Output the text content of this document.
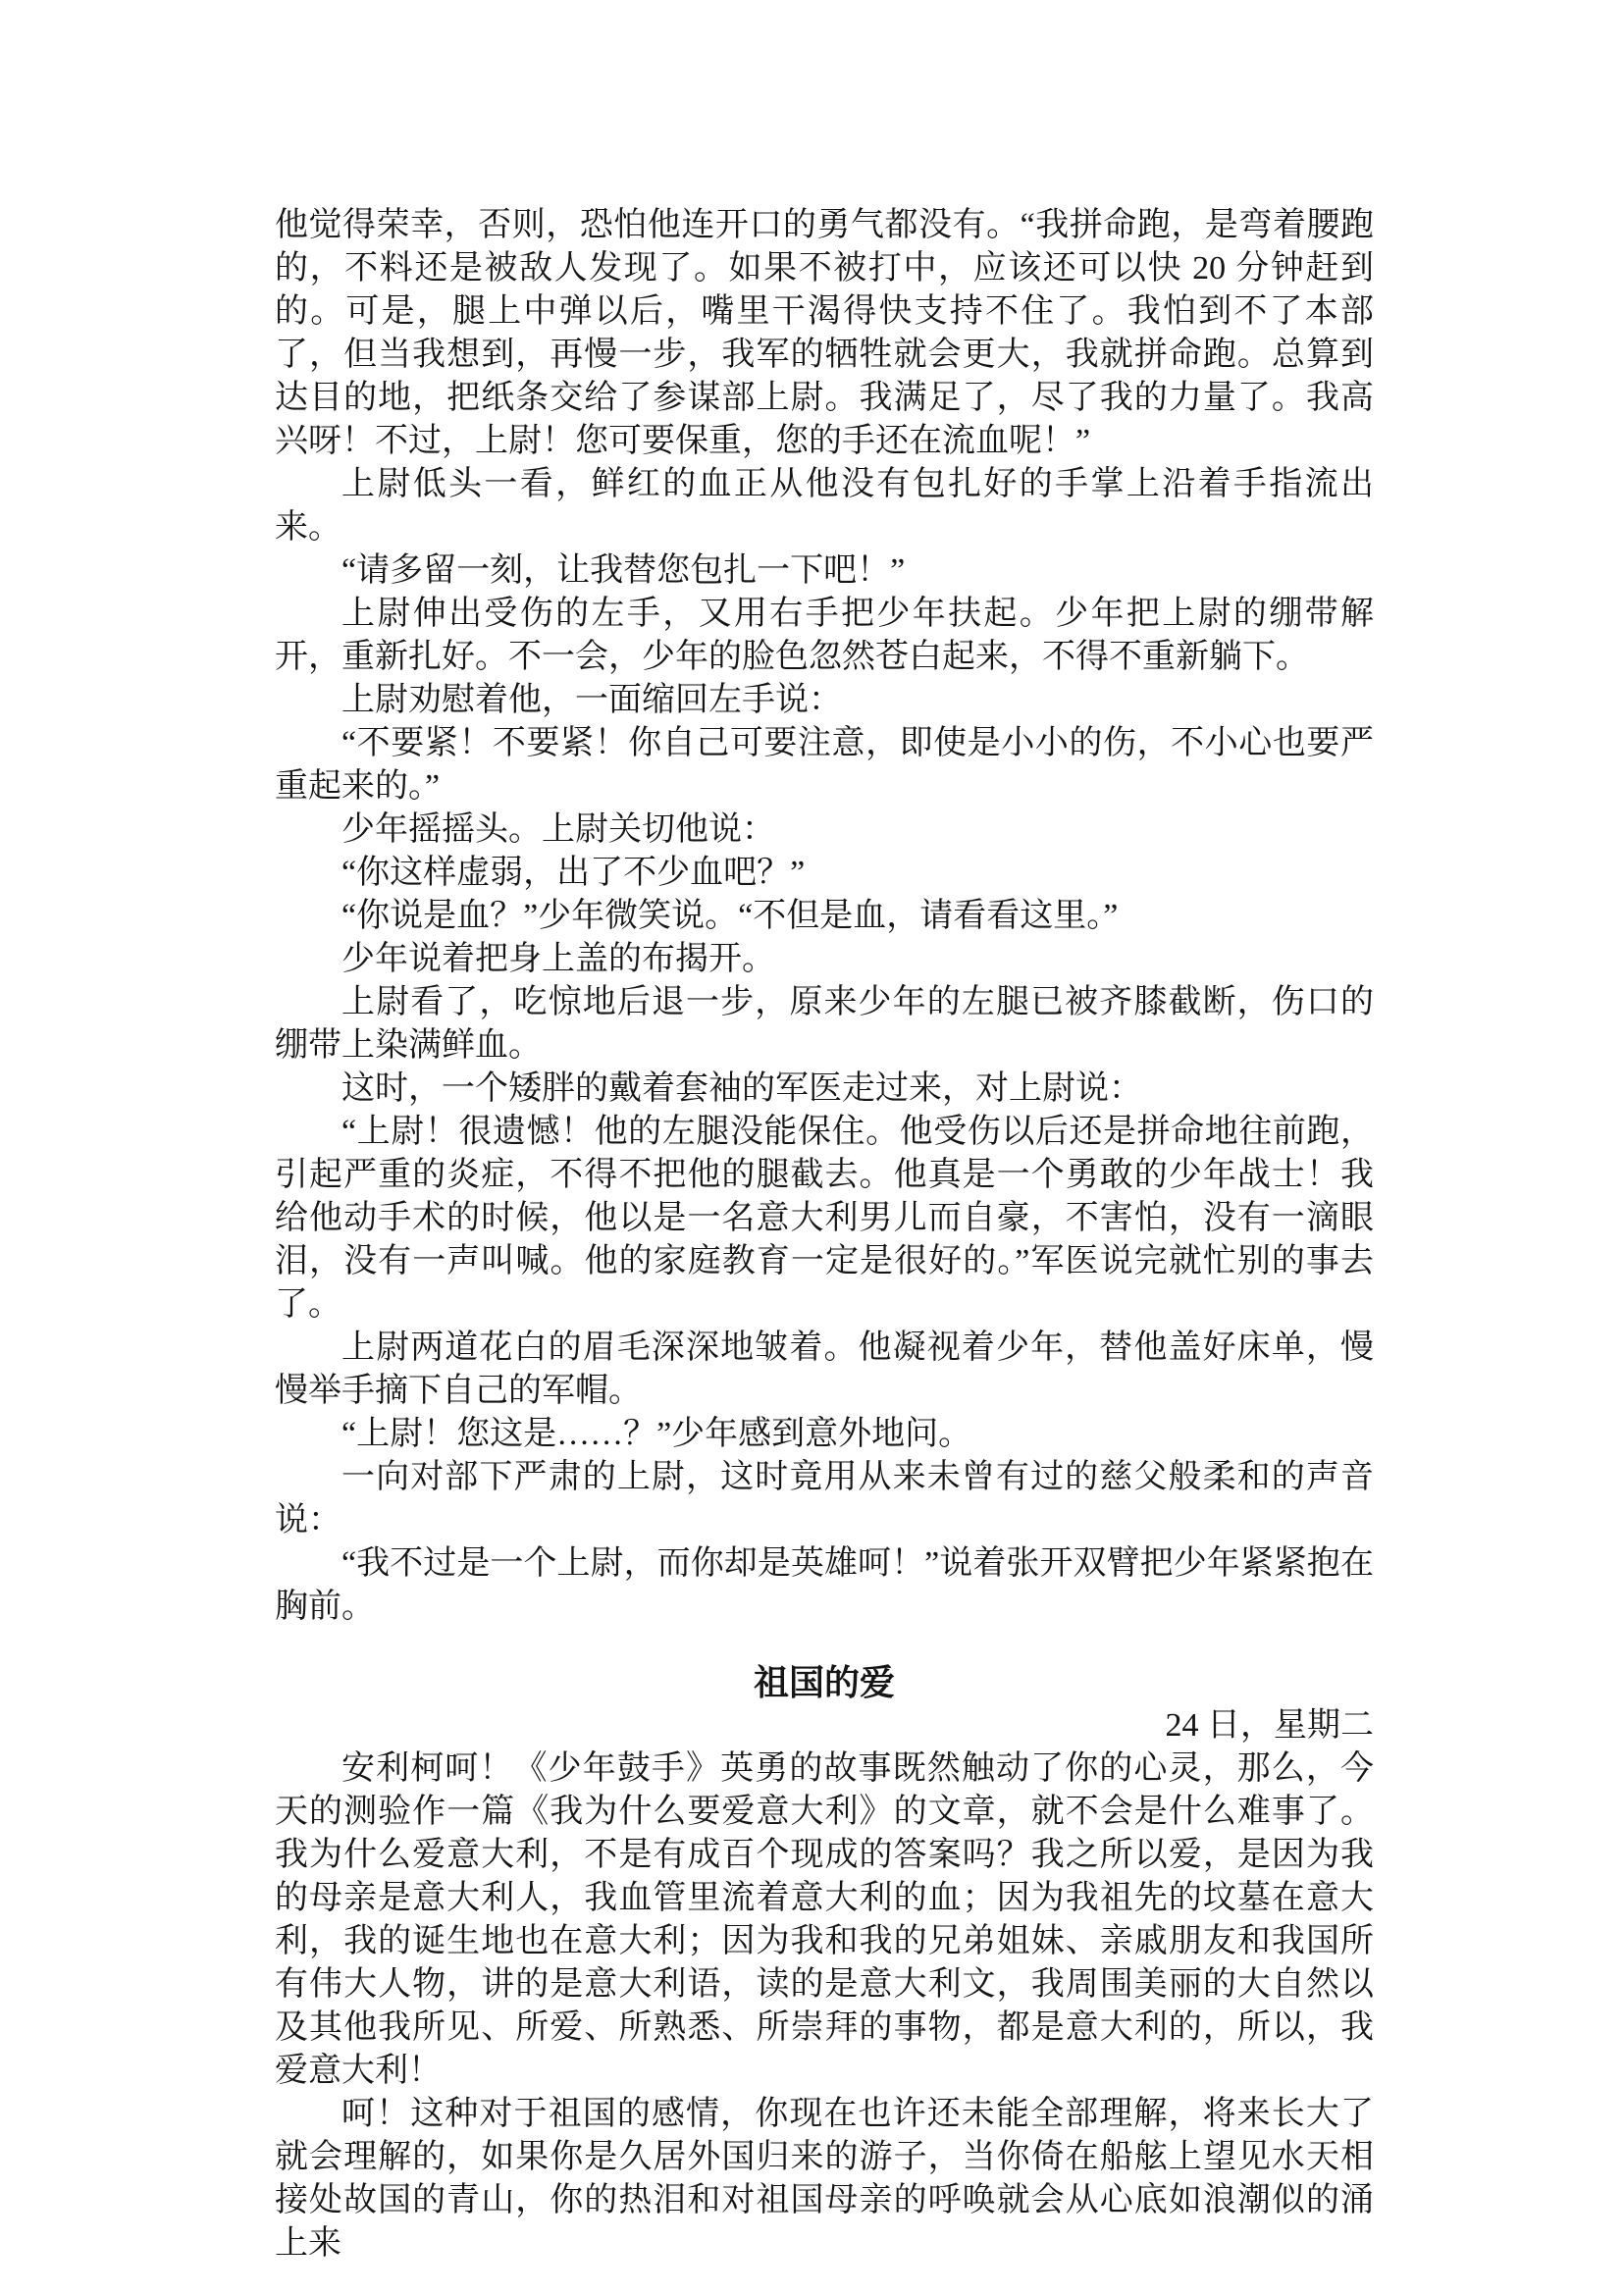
他觉得荣幸，否则，恐怕他连开口的勇气都没有。“我拼命跑，是弯着腰跑的，不料还是被敌人发现了。如果不被打中，应该还可以快 20 分钟赶到的。可是，腿上中弹以后，嘴里干渴得快支持不住了。我怕到不了本部了，但当我想到，再慢一步，我军的牺牲就会更大，我就拼命跑。总算到达目的地，把纸条交给了参谋部上尉。我满足了，尽了我的力量了。我高兴呀！不过，上尉！您可要保重，您的手还在流血呢！”

上尉低头一看，鲜红的血正从他没有包扎好的手掌上沿着手指流出来。

“请多留一刻，让我替您包扎一下吧！”

上尉伸出受伤的左手，又用右手把少年扶起。少年把上尉的绷带解开，重新扎好。不一会，少年的脸色忽然苍白起来，不得不重新躺下。

上尉劝慰着他，一面缩回左手说：

“不要紧！不要紧！你自己可要注意，即使是小小的伤，不小心也要严重起来的。”

少年摇摇头。上尉关切他说：

“你这样虚弱，出了不少血吧？”

“你说是血？”少年微笑说。“不但是血，请看看这里。”

少年说着把身上盖的布揭开。

上尉看了，吃惊地后退一步，原来少年的左腿已被齐膝截断，伤口的绷带上染满鲜血。

这时，一个矮胖的戴着套袖的军医走过来，对上尉说：

“上尉！很遗憾！他的左腿没能保住。他受伤以后还是拼命地往前跑，引起严重的炎症，不得不把他的腿截去。他真是一个勇敢的少年战士！我给他动手术的时候，他以是一名意大利男儿而自豪，不害怕，没有一滴眼泪，没有一声叫喊。他的家庭教育一定是很好的。”军医说完就忙别的事去了。

上尉两道花白的眉毛深深地皱着。他凝视着少年，替他盖好床单，慢慢举手摘下自己的军帽。

“上尉！您这是……？”少年感到意外地问。

一向对部下严肃的上尉，这时竟用从来未曾有过的慈父般柔和的声音说：

“我不过是一个上尉，而你却是英雄呵！”说着张开双臂把少年紧紧抱在胸前。

祖国的爱

24 日，星期二

安利柯呵！《少年鼓手》英勇的故事既然触动了你的心灵，那么，今天的测验作一篇《我为什么要爱意大利》的文章，就不会是什么难事了。我为什么爱意大利，不是有成百个现成的答案吗？我之所以爱，是因为我的母亲是意大利人，我血管里流着意大利的血；因为我祖先的坟墓在意大利，我的诞生地也在意大利；因为我和我的兄弟姐妹、亲戚朋友和我国所有伟大人物，讲的是意大利语，读的是意大利文，我周围美丽的大自然以及其他我所见、所爱、所熟悉、所崇拜的事物，都是意大利的，所以，我爱意大利！

呵！这种对于祖国的感情，你现在也许还未能全部理解，将来长大了就会理解的，如果你是久居外国归来的游子，当你倚在船舷上望见水天相接处故国的青山，你的热泪和对祖国母亲的呼唤就会从心底如浪潮似的涌上来
